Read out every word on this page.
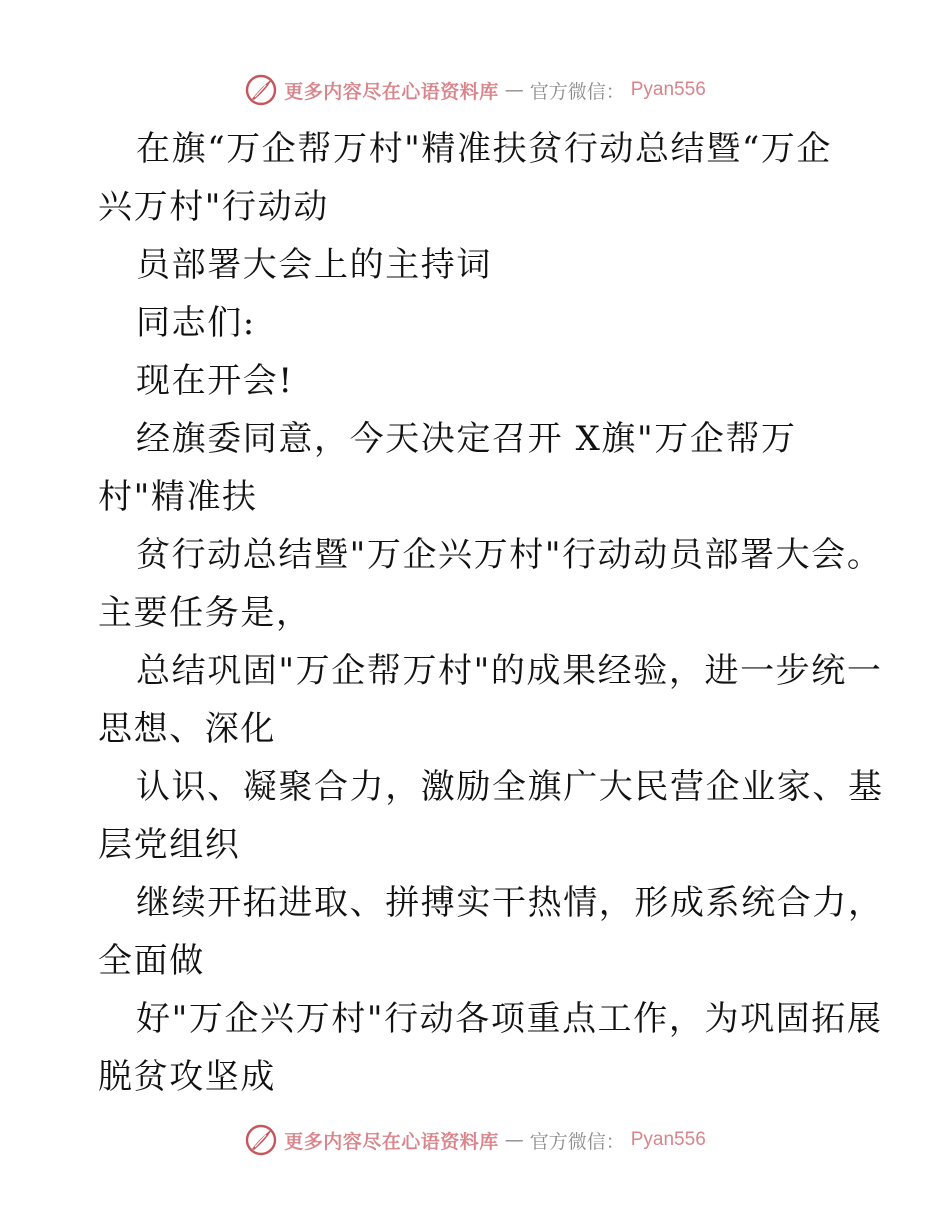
更多内容尽在心语资料库 — 官方微信： Pyan556
在旗“万企帮万村"精准扶贫行动总结暨“万企
兴万村"行动动
员部署大会上的主持词
同志们:
现在开会!
经旗委同意，今天决定召开 X旗"万企帮万
村"精准扶
贫行动总结暨"万企兴万村"行动动员部署大会。
主要任务是，
总结巩固"万企帮万村"的成果经验，进一步统一
思想、深化
认识、凝聚合力，激励全旗广大民营企业家、基
层党组织
继续开拓进取、拼搏实干热情，形成系统合力，
全面做
好"万企兴万村"行动各项重点工作，为巩固拓展
脱贫攻坚成
更多内容尽在心语资料库 — 官方微信： Pyan556
